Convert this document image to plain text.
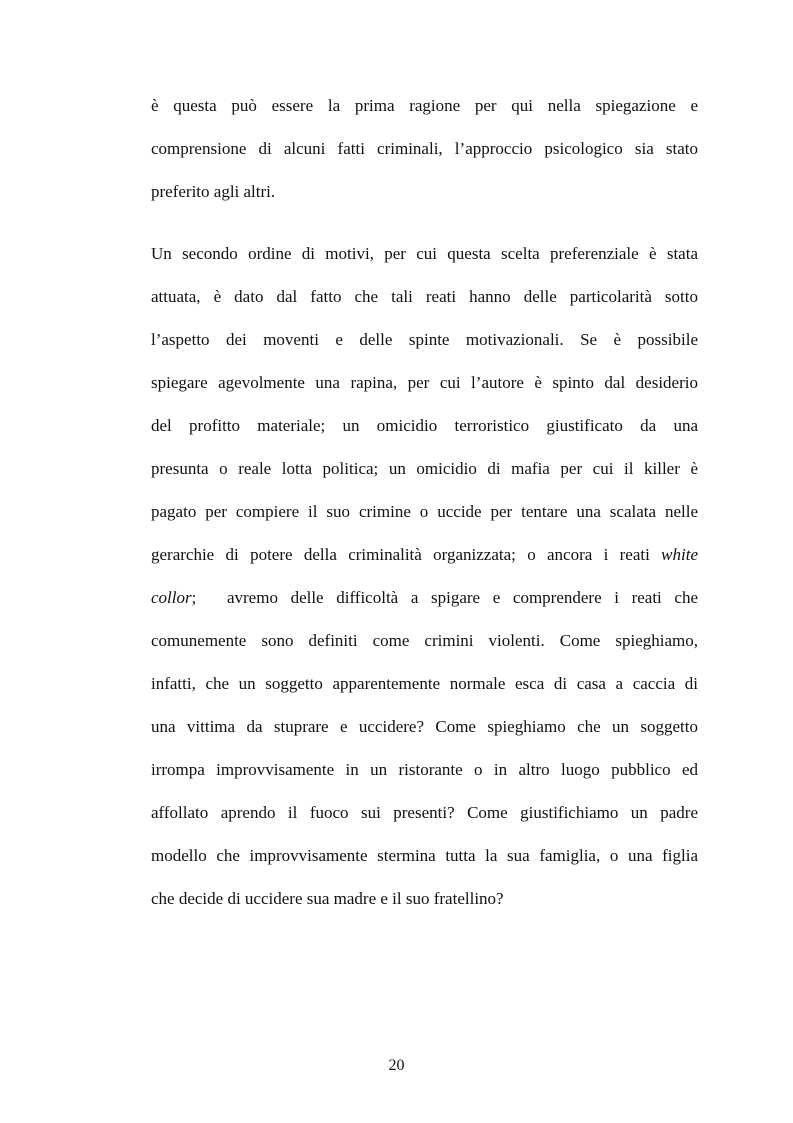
è questa può essere la prima ragione per qui nella spiegazione e
comprensione di alcuni fatti criminali, l’approccio psicologico sia stato
preferito agli altri.
Un secondo ordine di motivi, per cui questa scelta preferenziale è stata
attuata, è dato dal fatto che tali reati hanno delle particolarità sotto
l’aspetto dei moventi e delle spinte motivazionali. Se è possibile
spiegare agevolmente una rapina, per cui l’autore è spinto dal desiderio
del profitto materiale; un omicidio terroristico giustificato da una
presunta o reale lotta politica; un omicidio di mafia per cui il killer è
pagato per compiere il suo crimine o uccide per tentare una scalata nelle
gerarchie di potere della criminalità organizzata; o ancora i reati white
collor; avremo delle difficoltà a spigare e comprendere i reati che
comunemente sono definiti come crimini violenti. Come spieghiamo,
infatti, che un soggetto apparentemente normale esca di casa a caccia di
una vittima da stuprare e uccidere? Come spieghiamo che un soggetto
irrompa improvvisamente in un ristorante o in altro luogo pubblico ed
affollato aprendo il fuoco sui presenti? Come giustifichiamo un padre
modello che improvvisamente stermina tutta la sua famiglia, o una figlia
che decide di uccidere sua madre e il suo fratellino?
20
